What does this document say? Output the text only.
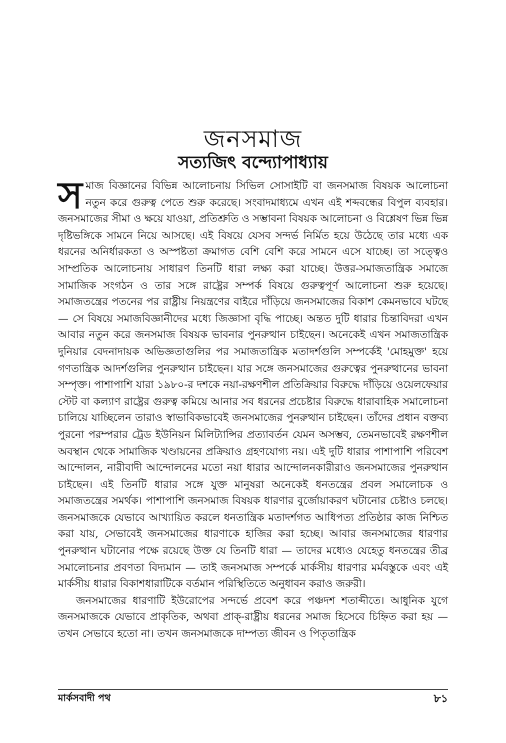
জনসমাজ
সত্যজিৎ বন্দ্যোপাধ্যায়

সমাজ বিজ্ঞানের বিভিন্ন আলোচনায় সিভিল সোসাইটি বা জনসমাজ বিষয়ক আলোচনা নতুন করে গুরুত্ব পেতে শুরু করেছে। সংবাদমাধ্যমে এখন এই শব্দবন্ধের বিপুল ব্যবহার। জনসমাজের সীমা ও ক্ষয়ে যাওয়া, প্রতিশ্রুতি ও সম্ভাবনা বিষয়ক আলোচনা ও বিশ্লেষণ ভিন্ন ভিন্ন দৃষ্টিভঙ্গিকে সামনে নিয়ে আসছে। এই বিষয়ে যেসব সন্দর্ভ নির্মিত হয়ে উঠেছে তার মধ্যে এক ধরনের অনির্ধারকতা ও অস্পষ্টতা ক্রমাগত বেশি বেশি করে সামনে এসে যাচ্ছে। তা সত্ত্বেও সাম্প্রতিক আলোচনায় সাধারণ তিনটি ধারা লক্ষ্য করা যাচ্ছে। উত্তর-সমাজতান্ত্রিক সমাজে সামাজিক সংগঠন ও তার সঙ্গে রাষ্ট্রের সম্পর্ক বিষয়ে গুরুত্বপূর্ণ আলোচনা শুরু হয়েছে। সমাজতন্ত্রের পতনের পর রাষ্ট্রীয় নিয়ন্ত্রণের বাইরে দাঁড়িয়ে জনসমাজের বিকাশ কেমনভাবে ঘটছে — সে বিষয়ে সমাজবিজ্ঞানীদের মধ্যে জিজ্ঞাসা বৃদ্ধি পাচ্ছে। অন্তত দুটি ধারার চিন্তাবিদরা এখন আবার নতুন করে জনসমাজ বিষয়ক ভাবনার পুনরুত্থান চাইছেন। অনেকেই এখন সমাজতান্ত্রিক দুনিয়ার বেদনাদায়ক অভিজ্ঞতাগুলির পর সমাজতান্ত্রিক মতাদর্শগুলি সম্পর্কেই 'মোহমুক্ত' হয়ে গণতান্ত্রিক আদর্শগুলির পুনরুত্থান চাইছেন। যার সঙ্গে জনসমাজের গুরুত্বের পুনরুত্থানের ভাবনা সম্পৃক্ত। পাশাপাশি যারা ১৯৮০-র দশকে নয়া-রক্ষণশীল প্রতিক্রিয়ার বিরুদ্ধে দাঁড়িয়ে ওয়েলফেয়ার স্টেট বা কল্যাণ রাষ্ট্রের গুরুত্ব কমিয়ে আনার সব ধরনের প্রচেষ্টার বিরুদ্ধে ধারাবাহিক সমালোচনা চালিয়ে যাচ্ছিলেন তারাও স্বাভাবিকভাবেই জনসমাজের পুনরুত্থান চাইছেন। তাঁদের প্রধান বক্তব্য পুরনো পরম্পরার ট্রেড ইউনিয়ন মিলিট্যান্সির প্রত্যাবর্তন যেমন অসম্ভব, তেমনভাবেই রক্ষণশীল অবস্থান থেকে সামাজিক খণ্ডায়নের প্রক্রিয়াও গ্রহণযোগ্য নয়। এই দুটি ধারার পাশাপাশি পরিবেশ আন্দোলন, নারীবাদী আন্দোলনের মতো নয়া ধারার আন্দোলনকারীরাও জনসমাজের পুনরুত্থান চাইছেন। এই তিনটি ধারার সঙ্গে যুক্ত মানুষরা অনেকেই ধনতন্ত্রের প্রবল সমালোচক ও সমাজতন্ত্রের সমর্থক। পাশাপাশি জনসমাজ বিষয়ক ধারণার বুর্জোয়াকরণ ঘটানোর চেষ্টাও চলছে। জনসমাজকে যেভাবে আখ্যায়িত করলে ধনতান্ত্রিক মতাদর্শগত আধিপত্য প্রতিষ্ঠার কাজ নিশ্চিত করা যায়, সেভাবেই জনসমাজের ধারণাকে হাজির করা হচ্ছে। আবার জনসমাজের ধারণার পুনরুত্থান ঘটানোর পক্ষে রয়েছে উক্ত যে তিনটি ধারা — তাদের মধ্যেও যেহেতু ধনতন্ত্রের তীব্র সমালোচনার প্রবণতা বিদ্যমান — তাই জনসমাজ সম্পর্কে মার্কসীয় ধারণার মর্মবস্তুকে এবং এই মার্কসীয় ধারার বিকাশধারাটিকে বর্তমান পরিস্থিতিতে অনুধাবন করাও জরুরী।

জনসমাজের ধারণাটি ইউরোপের সন্দর্ভে প্রবেশ করে পঞ্চদশ শতাব্দীতে। আধুনিক যুগে জনসমাজকে যেভাবে প্রাকৃতিক, অথবা প্রাক্-রাষ্ট্রীয় ধরনের সমাজ হিসেবে চিহ্নিত করা হয় — তখন সেভাবে হতো না। তখন জনসমাজকে দাম্পত্য জীবন ও পিতৃতান্ত্রিক

মার্কসবাদী পথ	৮১
